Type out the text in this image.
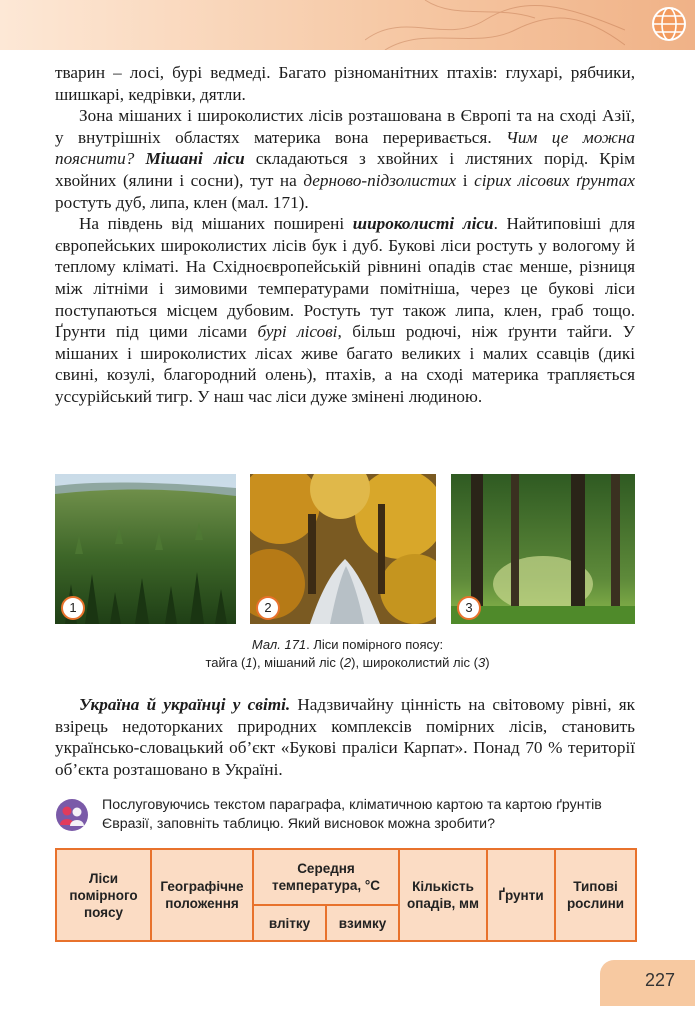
тварин – лосі, бурі ведмеді. Багато різноманітних птахів: глухарі, рябчики, шишкарі, кедрівки, дятли.

Зона мішаних і широколистих лісів розташована в Європі та на сході Азії, у внутрішніх областях материка вона переривається. Чим це можна пояснити? Мішані ліси складаються з хвойних і листяних порід. Крім хвойних (ялини і сосни), тут на дерново-підзолистих і сірих лісових ґрунтах ростуть дуб, липа, клен (мал. 171).

На південь від мішаних поширені широколисті ліси. Найтиповіші для європейських широколистих лісів бук і дуб. Букові ліси ростуть у вологому й теплому кліматі. На Східноєвропейській рівнині опадів стає менше, різниця між літніми і зимовими температурами помітніша, через це букові ліси поступаються місцем дубовим. Ростуть тут також липа, клен, граб тощо. Ґрунти під цими лісами бурі лісові, більш родючі, ніж ґрунти тайги. У мішаних і широколистих лісах живе багато великих і малих ссавців (дикі свині, козулі, благородний олень), птахів, а на сході материка трапляється уссурійський тигр. У наш час ліси дуже змінені людиною.

1	2	3
Мал. 171. Ліси помірного поясу:
тайга (1), мішаний ліс (2), широколистий ліс (3)

Україна й українці у світі. Надзвичайну цінність на світовому рівні, як взірець недоторканих природних комплексів помірних лісів, становить українсько-словацький об’єкт «Букові праліси Карпат». Понад 70 % території об’єкта розташовано в Україні.

Послуговуючись текстом параграфа, кліматичною картою та картою ґрунтів Євразії, заповніть таблицю. Який висновок можна зробити?
Ліси помірного поясу	Географічне положення	Середня температура, °С		Кількість опадів, мм	Ґрунти	Типові рослини
		влітку	взимку			
227
